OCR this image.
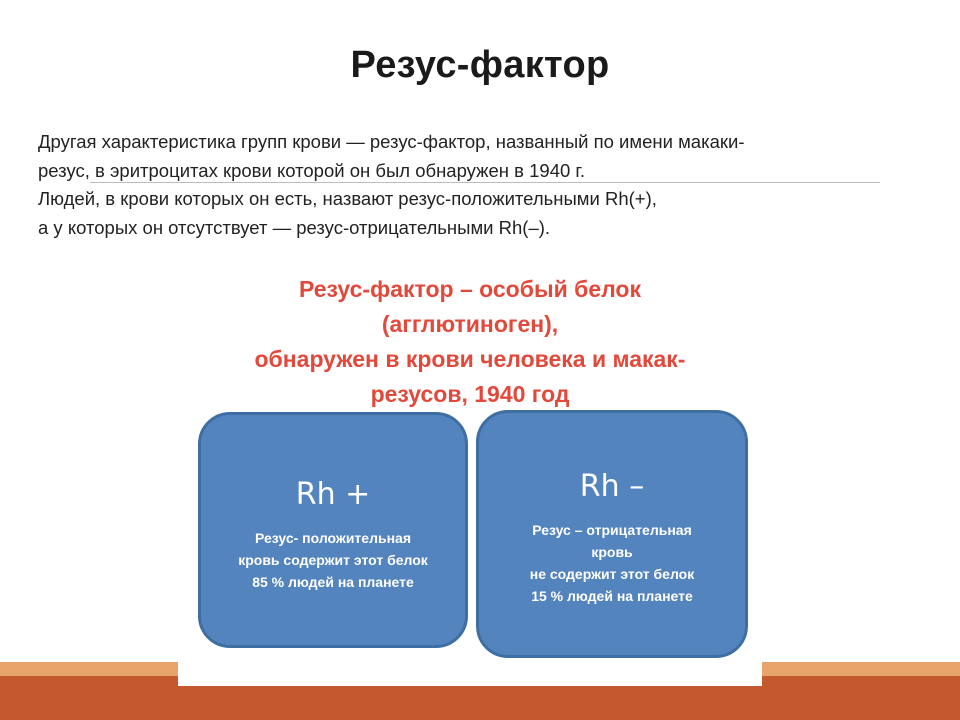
Резус-фактор

Другая характеристика групп крови — резус-фактор, названный по имени макаки-

резус, в эритроцитах крови которой он был обнаружен в 1940 г.

Людей, в крови которых он есть, назвают резус-положительными Rh(+),

а у которых он отсутствует — резус-отрицательными Rh(–).

Резус-фактор – особый белок
(агглютиноген),
обнаружен в крови человека и макак-
резусов, 1940 год
Rh +
Резус- положительная
кровь содержит этот белок
85 % людей на планете
Rh –
Резус – отрицательная
кровь
не содержит этот белок
15 % людей на планете
